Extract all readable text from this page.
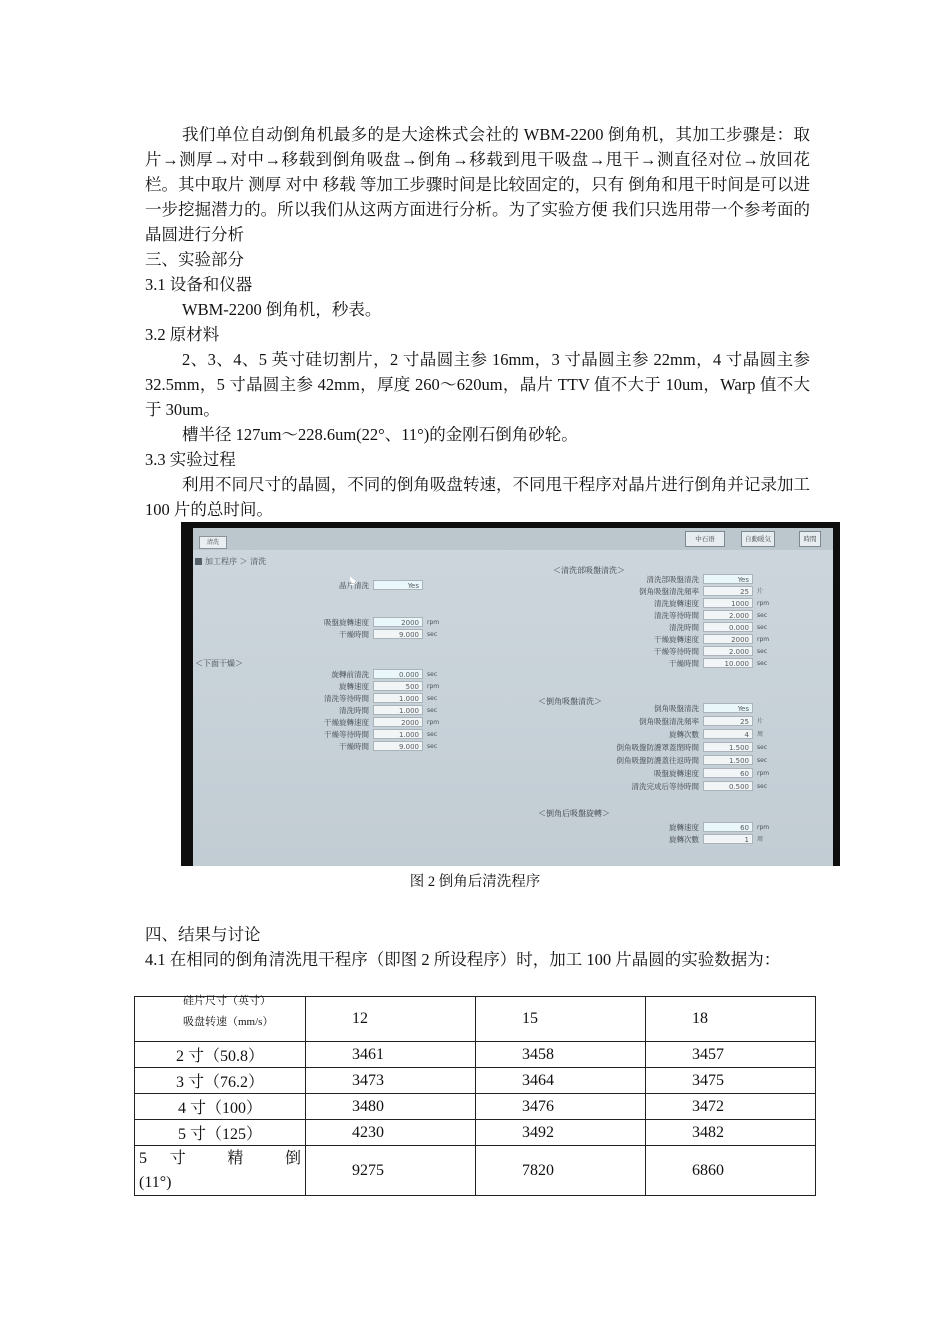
我们单位自动倒角机最多的是大途株式会社的 WBM-2200 倒角机，其加工步骤是：取片→测厚→对中→移载到倒角吸盘→倒角→移载到甩干吸盘→甩干→测直径对位→放回花栏。其中取片 测厚 对中 移载 等加工步骤时间是比较固定的，只有 倒角和甩干时间是可以进一步挖掘潜力的。所以我们从这两方面进行分析。为了实验方便 我们只选用带一个参考面的晶圆进行分析

三、实验部分
3.1 设备和仪器

WBM-2200 倒角机，秒表。

3.2 原材料

2、3、4、5 英寸硅切割片，2 寸晶圆主参 16mm，3 寸晶圆主参 22mm，4 寸晶圆主参 32.5mm，5 寸晶圆主参 42mm，厚度 260～620um，晶片 TTV 值不大于 10um，Warp 值不大于 30um。

槽半径 127um～228.6um(22°、11°)的金刚石倒角砂轮。

3.3 实验过程

利用不同尺寸的晶圆，不同的倒角吸盘转速，不同甩干程序对晶片进行倒角并记录加工 100 片的总时间。

清洗	中石语	自動暖気	時間
加工程序 ＞ 清洗
晶片清洗	Yes
吸盤旋轉速度	2000	rpm
干燥時間	9.000	sec
＜下面干燥＞
旋轉前清洗	0.000	sec
旋轉速度	500	rpm
清洗等待時間	1.000	sec
清洗時間	1.000	sec
干燥旋轉速度	2000	rpm
干燥等待時間	1.000	sec
干燥時間	9.000	sec
＜清洗部吸盤清洗＞
清洗部吸盤清洗	Yes
倒角吸盤清洗頻率	25	片
清洗旋轉速度	1000	rpm
清洗等待時間	2.000	sec
清洗時間	0.000	sec
干燥旋轉速度	2000	rpm
干燥等待時間	2.000	sec
干燥時間	10.000	sec
＜倒角吸盤清洗＞
倒角吸盤清洗	Yes
倒角吸盤清洗頻率	25	片
旋轉次數	4	周
倒角吸盤防護罩蓋閉時間	1.500	sec
倒角吸盤防護蓋往返時間	1.500	sec
吸盤旋轉速度	60	rpm
清洗完成后等待時間	0.500	sec
＜倒角后吸盤旋轉＞
旋轉速度	60	rpm
旋轉次數	1	周
图 2 倒角后清洗程序
四、结果与讨论

4.1 在相同的倒角清洗甩干程序（即图 2 所设程序）时，加工 100 片晶圆的实验数据为：

硅片尺寸（英寸）
吸盘转速（mm/s）	12	15	18
2 寸（50.8）	3461	3458	3457
3 寸（76.2）	3473	3464	3475
4 寸（100）	3480	3476	3472
5 寸（125）	4230	3492	3482

5 寸 精 倒
(11°)	9275	7820	6860
